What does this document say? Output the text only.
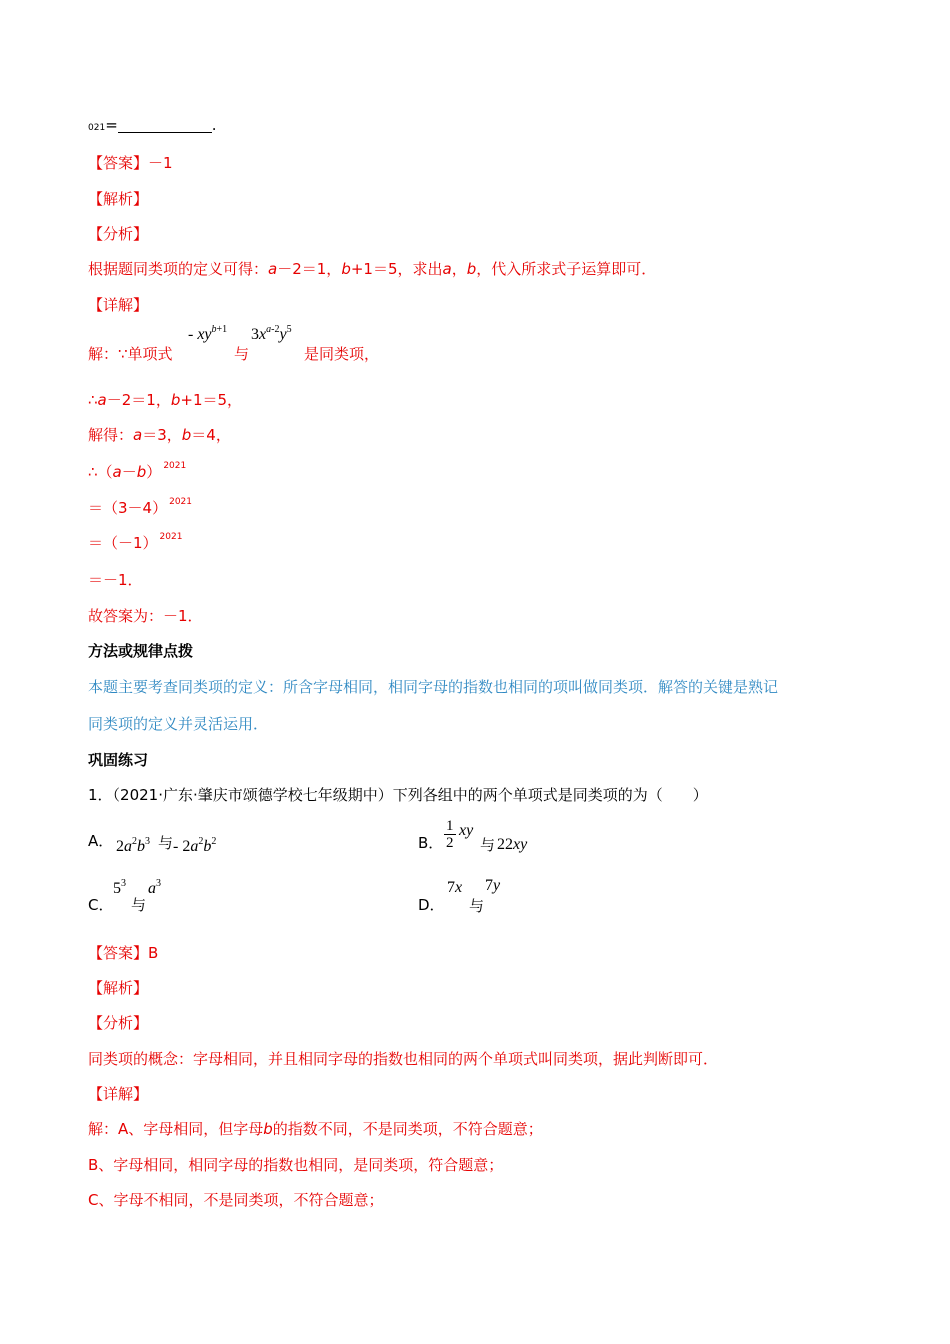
021=	.
【答案】－1
【解析】
【分析】
根据题同类项的定义可得：a－2＝1，b+1＝5，求出a，b，代入所求式子运算即可．
【详解】
解：∵单项式
- $xy^{b+1}$
与
$3x^{a-2}y^5$
是同类项，
∴a－2＝1，b+1＝5，
解得：a＝3，b＝4，
∴（a－b） $^{2021}$
＝（3－4） $^{2021}$
＝（－1） $^{2021}$
＝－1．
故答案为：－1．
方法或规律点拨
本题主要考查同类项的定义：所含字母相同，相同字母的指数也相同的项叫做同类项．解答的关键是熟记
同类项的定义并灵活运用．
巩固练习
1．（2021·广东·肇庆市颂德学校七年级期中）下列各组中的两个单项式是同类项的为（　　）
A． $2a^2b^3$ 与 - $2a^2b^2$	B． $\frac{1}{2}$ xy
与 22xy
C．
$5^3$
与
$a^3$
D．
7x
与
7y
【答案】B
【解析】
【分析】
同类项的概念：字母相同，并且相同字母的指数也相同的两个单项式叫同类项，据此判断即可．
【详解】
解：A、字母相同，但字母b的指数不同，不是同类项，不符合题意；
B、字母相同，相同字母的指数也相同，是同类项，符合题意；
C、字母不相同，不是同类项，不符合题意；
